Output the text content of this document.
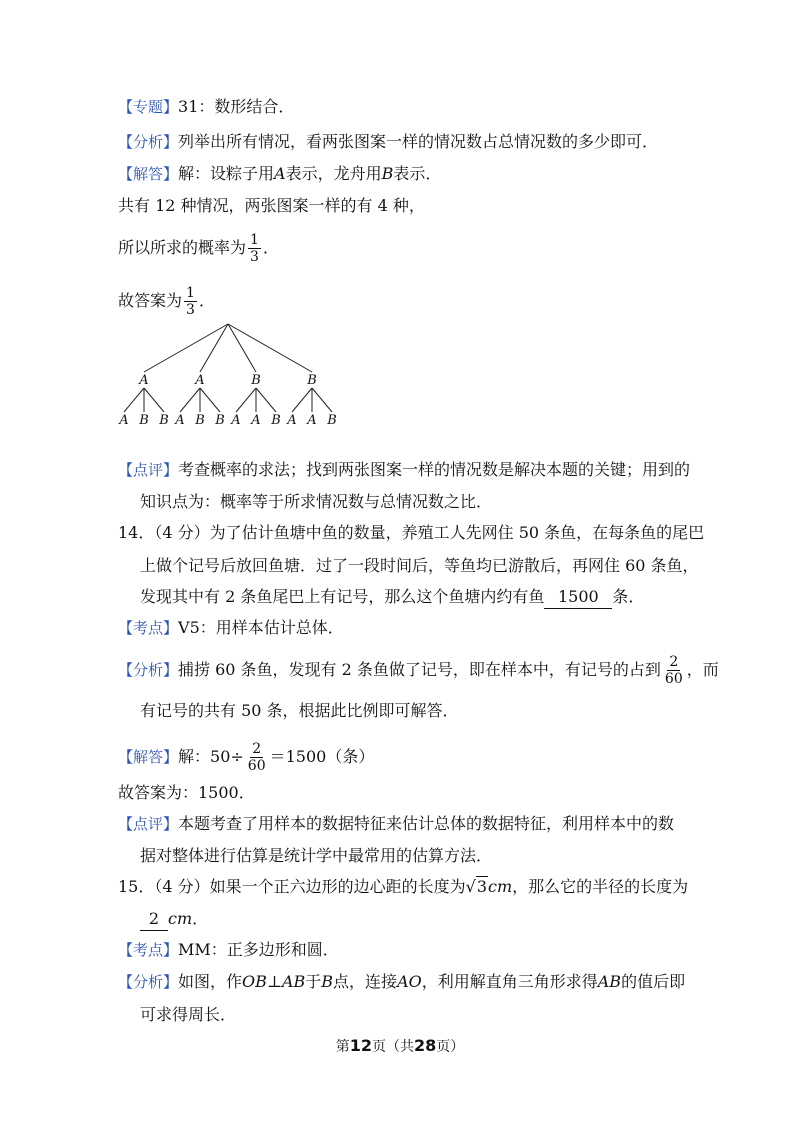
【专题】31：数形结合．
【分析】列举出所有情况，看两张图案一样的情况数占总情况数的多少即可．
【解答】解：设粽子用A表示，龙舟用B表示．
共有 12 种情况，两张图案一样的有 4 种，
所以所求的概率为 $\frac{1}{3}$ ．
故答案为 $\frac{1}{3}$ ．
A
A B B
A
A B B
B
A A B
B
A A B
【点评】考查概率的求法；找到两张图案一样的情况数是解决本题的关键；用到的
知识点为：概率等于所求情况数与总情况数之比．
14．（4 分）为了估计鱼塘中鱼的数量，养殖工人先网住 50 条鱼，在每条鱼的尾巴
上做个记号后放回鱼塘．过了一段时间后，等鱼均已游散后，再网住 60 条鱼，
发现其中有 2 条鱼尾巴上有记号，那么这个鱼塘内约有鱼 1500 条．
【考点】V5：用样本估计总体．
【分析】捕捞 60 条鱼，发现有 2 条鱼做了记号，即在样本中，有记号的占到 $\frac{2}{60}$ ，而
有记号的共有 50 条，根据此比例即可解答．
【解答】解：$50\div \frac{2}{60} =1500$（条）
故答案为：1500．
【点评】本题考查了用样本的数据特征来估计总体的数据特征，利用样本中的数
据对整体进行估算是统计学中最常用的估算方法．
15．（4 分）如果一个正六边形的边心距的长度为√3cm，那么它的半径的长度为
2 cm．
【考点】MM：正多边形和圆．
【分析】如图，作OB⊥AB于B点，连接AO，利用解直角三角形求得AB的值后即
可求得周长．
第12页（共28页）
